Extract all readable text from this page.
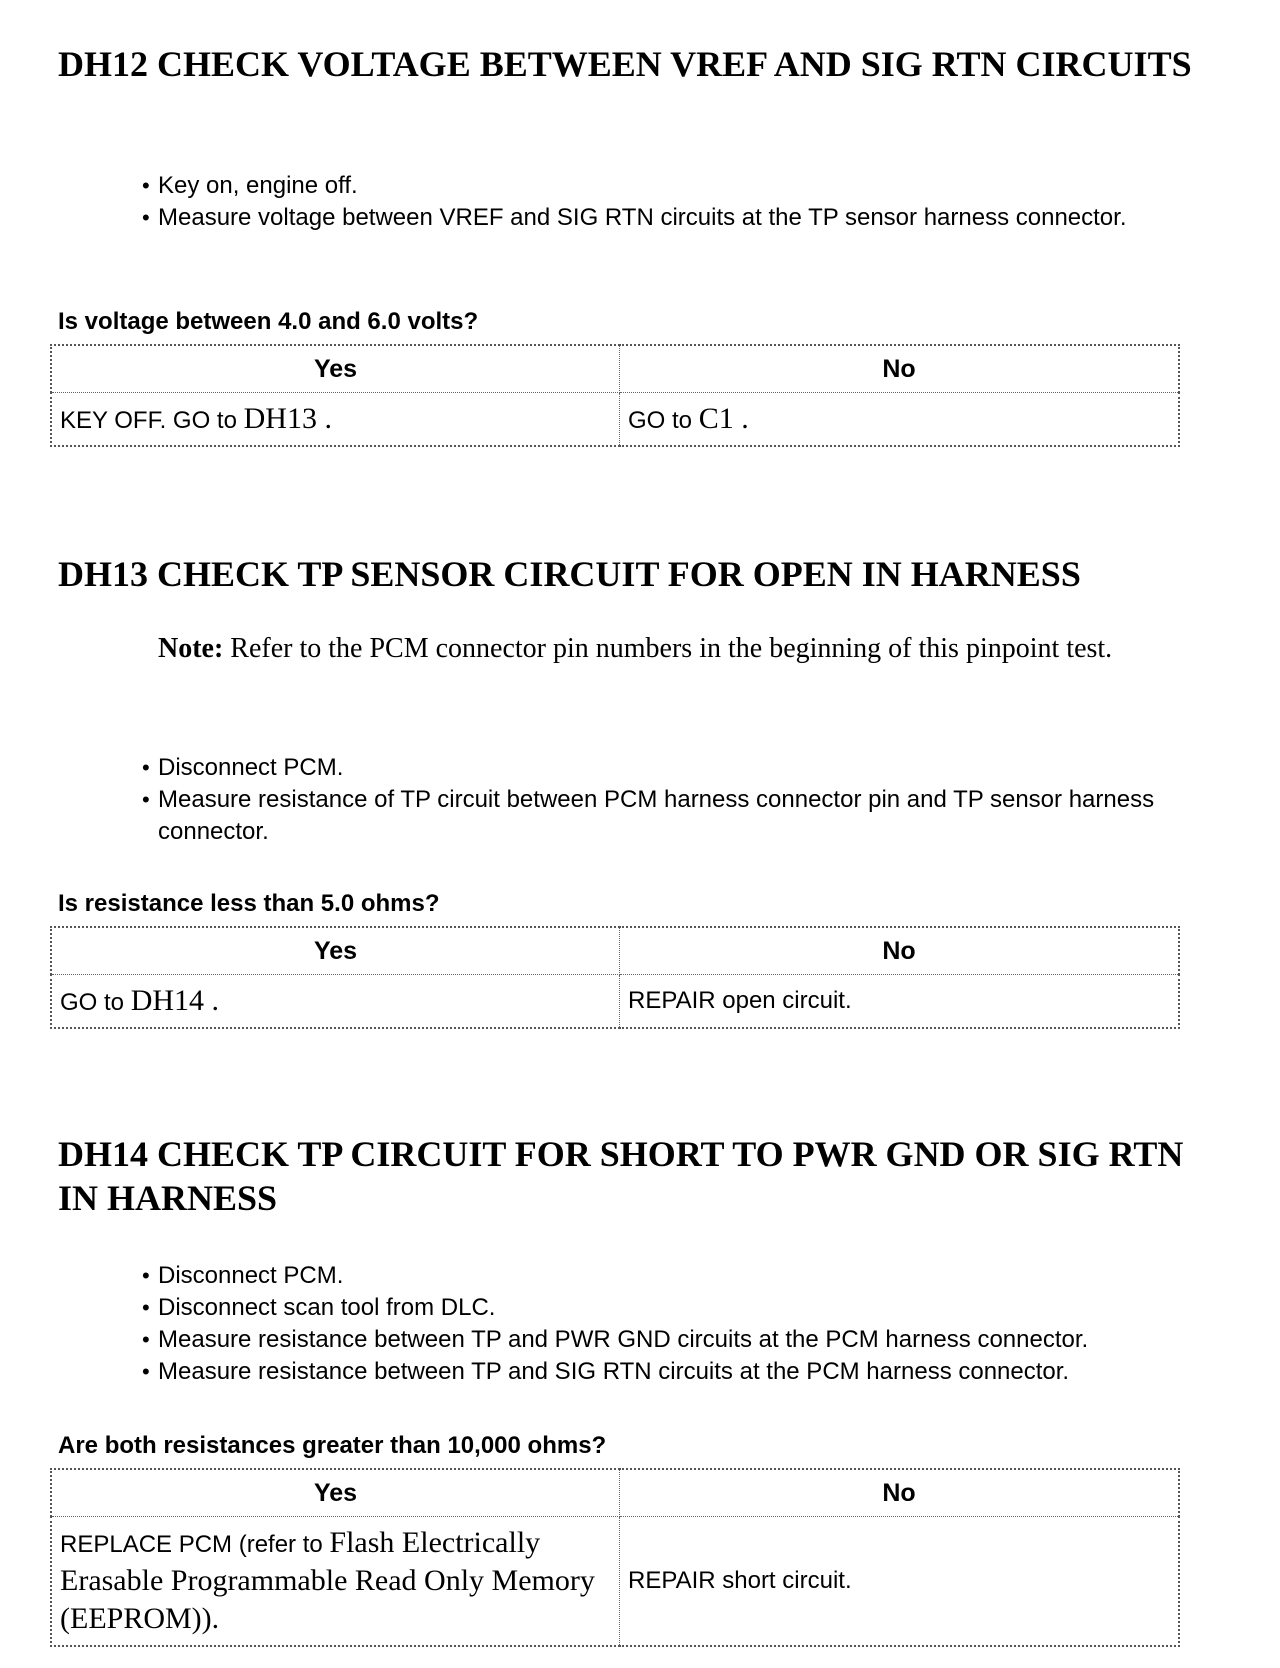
DH12 CHECK VOLTAGE BETWEEN VREF AND SIG RTN CIRCUITS
• Key on, engine off.
• Measure voltage between VREF and SIG RTN circuits at the TP sensor harness connector.
Is voltage between 4.0 and 6.0 volts?
Yes	No
KEY OFF. GO to DH13 .	GO to C1 .
DH13 CHECK TP SENSOR CIRCUIT FOR OPEN IN HARNESS
Note: Refer to the PCM connector pin numbers in the beginning of this pinpoint test.
• Disconnect PCM.
• Measure resistance of TP circuit between PCM harness connector pin and TP sensor harness connector.
Is resistance less than 5.0 ohms?
Yes	No
GO to DH14 .	REPAIR open circuit.
DH14 CHECK TP CIRCUIT FOR SHORT TO PWR GND OR SIG RTN IN HARNESS
• Disconnect PCM.
• Disconnect scan tool from DLC.
• Measure resistance between TP and PWR GND circuits at the PCM harness connector.
• Measure resistance between TP and SIG RTN circuits at the PCM harness connector.
Are both resistances greater than 10,000 ohms?
Yes	No
REPLACE PCM (refer to Flash Electrically Erasable Programmable Read Only Memory (EEPROM)).	REPAIR short circuit.
